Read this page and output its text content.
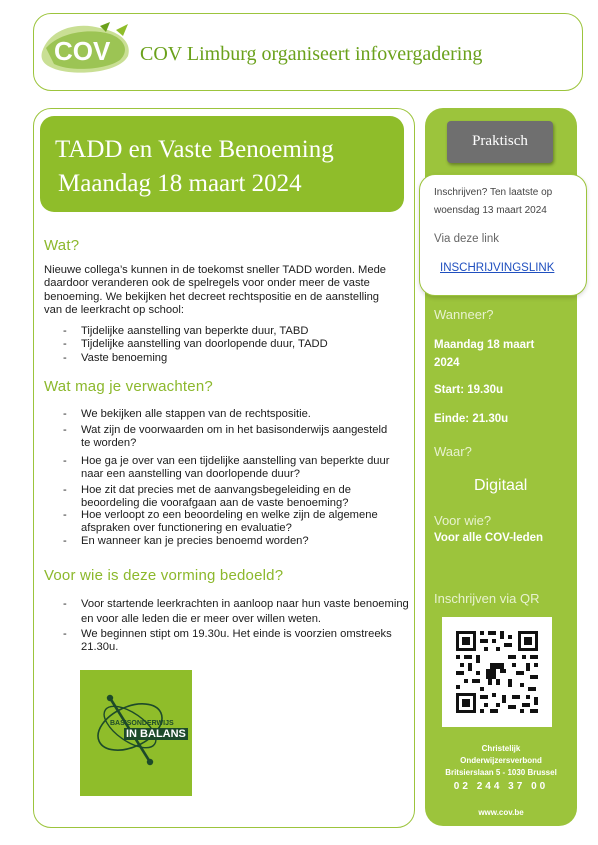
COV COV Limburg organiseert infovergadering
TADD en Vaste Benoeming
Maandag 18 maart 2024
Wat?
Nieuwe collega’s kunnen in de toekomst sneller TADD worden. Mede
daardoor veranderen ook de spelregels voor onder meer de vaste
benoeming. We bekijken het decreet rechtspositie en de aanstelling
van de leerkracht op school:
- Tijdelijke aanstelling van beperkte duur, TABD
- Tijdelijke aanstelling van doorlopende duur, TADD
- Vaste benoeming
Wat mag je verwachten?
- We bekijken alle stappen van de rechtspositie.
- Wat zijn de voorwaarden om in het basisonderwijs aangesteld
te worden?
- Hoe ga je over van een tijdelijke aanstelling van beperkte duur
naar een aanstelling van doorlopende duur?
- Hoe zit dat precies met de aanvangsbegeleiding en de
beoordeling die voorafgaan aan de vaste benoeming?
- Hoe verloopt zo een beoordeling en welke zijn de algemene
afspraken over functionering en evaluatie?
- En wanneer kan je precies benoemd worden?
Voor wie is deze vorming bedoeld?
- Voor startende leerkrachten in aanloop naar hun vaste benoeming
en voor alle leden die er meer over willen weten.
- We beginnen stipt om 19.30u. Het einde is voorzien omstreeks
21.30u.
BASISONDERWIJS
IN BALANS
Praktisch
Inschrijven? Ten laatste op
woensdag 13 maart 2024
Via deze link
INSCHRIJVINGSLINK
Wanneer?
Maandag 18 maart
2024
Start: 19.30u
Einde: 21.30u
Waar?
Digitaal
Voor wie?
Voor alle COV-leden
Inschrijven via QR
Christelijk
Onderwijzersverbond
Britsierslaan 5 - 1030 Brussel
02 244 37 00
www.cov.be
